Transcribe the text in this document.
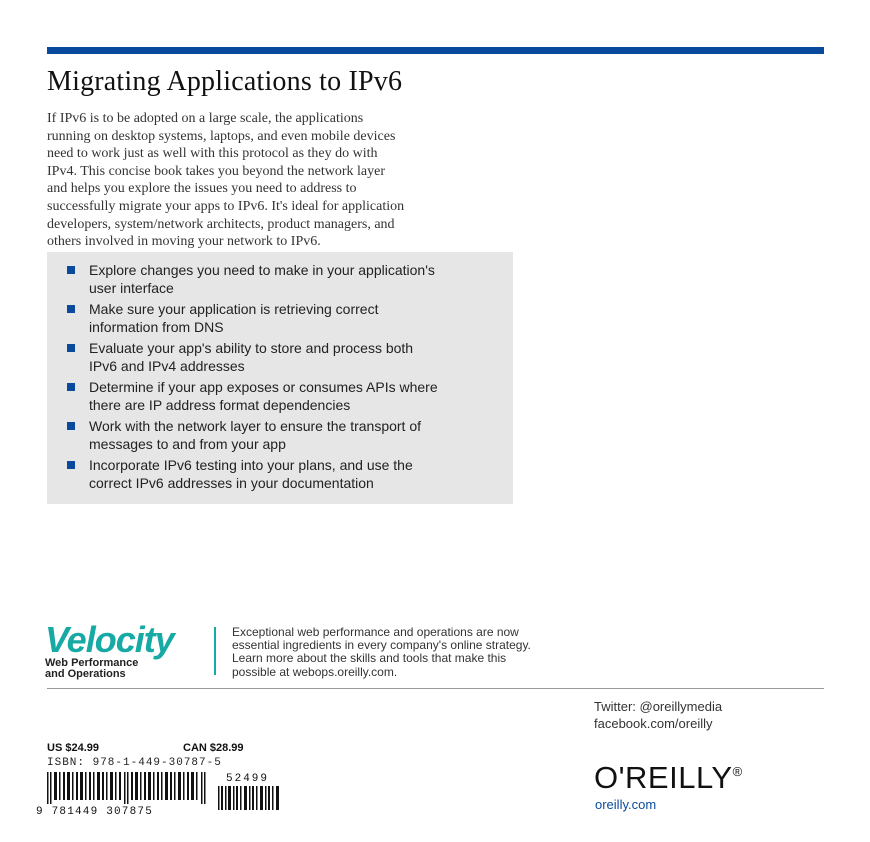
Migrating Applications to IPv6
If IPv6 is to be adopted on a large scale, the applications
running on desktop systems, laptops, and even mobile devices
need to work just as well with this protocol as they do with
IPv4. This concise book takes you beyond the network layer
and helps you explore the issues you need to address to
successfully migrate your apps to IPv6. It's ideal for application
developers, system/network architects, product managers, and
others involved in moving your network to IPv6.
Explore changes you need to make in your application's
user interface
Make sure your application is retrieving correct
information from DNS
Evaluate your app's ability to store and process both
IPv6 and IPv4 addresses
Determine if your app exposes or consumes APIs where
there are IP address format dependencies
Work with the network layer to ensure the transport of
messages to and from your app
Incorporate IPv6 testing into your plans, and use the
correct IPv6 addresses in your documentation
Velocity
Web Performance
and Operations
Exceptional web performance and operations are now
essential ingredients in every company's online strategy.
Learn more about the skills and tools that make this
possible at webops.oreilly.com.
Twitter: @oreillymedia
facebook.com/oreilly
US $24.99	CAN $28.99
ISBN: 978-1-449-30787-5
9 781449 307875
52499	O'REILLY®
oreilly.com
